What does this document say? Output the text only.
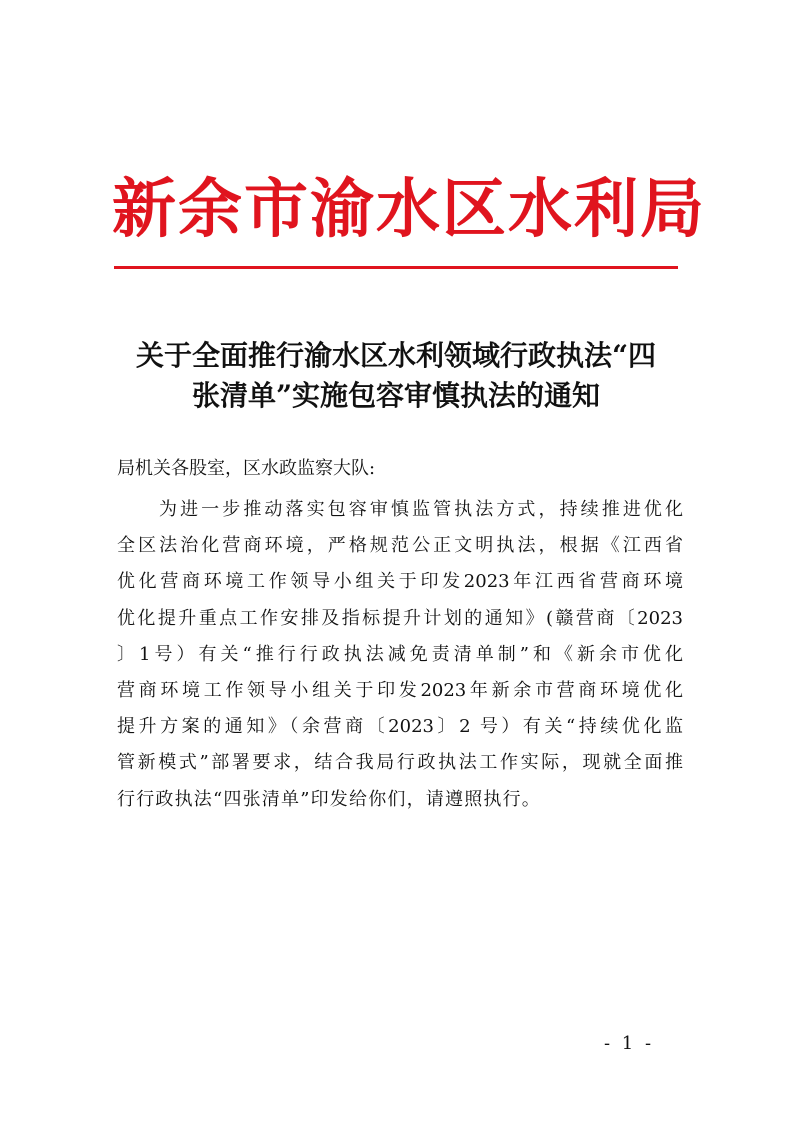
新余市渝水区水利局
关于全面推行渝水区水利领域行政执法“四
张清单”实施包容审慎执法的通知
局机关各股室，区水政监察大队:
为进一步推动落实包容审慎监管执法方式，持续推进优化
全区法治化营商环境，严格规范公正文明执法，根据《江西省
优化营商环境工作领导小组关于印发2023年江西省营商环境
优化提升重点工作安排及指标提升计划的通知》(赣营商〔2023
〕1号）有关“推行行政执法减免责清单制”和《新余市优化
营商环境工作领导小组关于印发2023年新余市营商环境优化
提升方案的通知》（余营商〔2023〕2 号）有关“持续优化监
管新模式”部署要求，结合我局行政执法工作实际，现就全面推
行行政执法“四张清单”印发给你们，请遵照执行。
- 1 -
